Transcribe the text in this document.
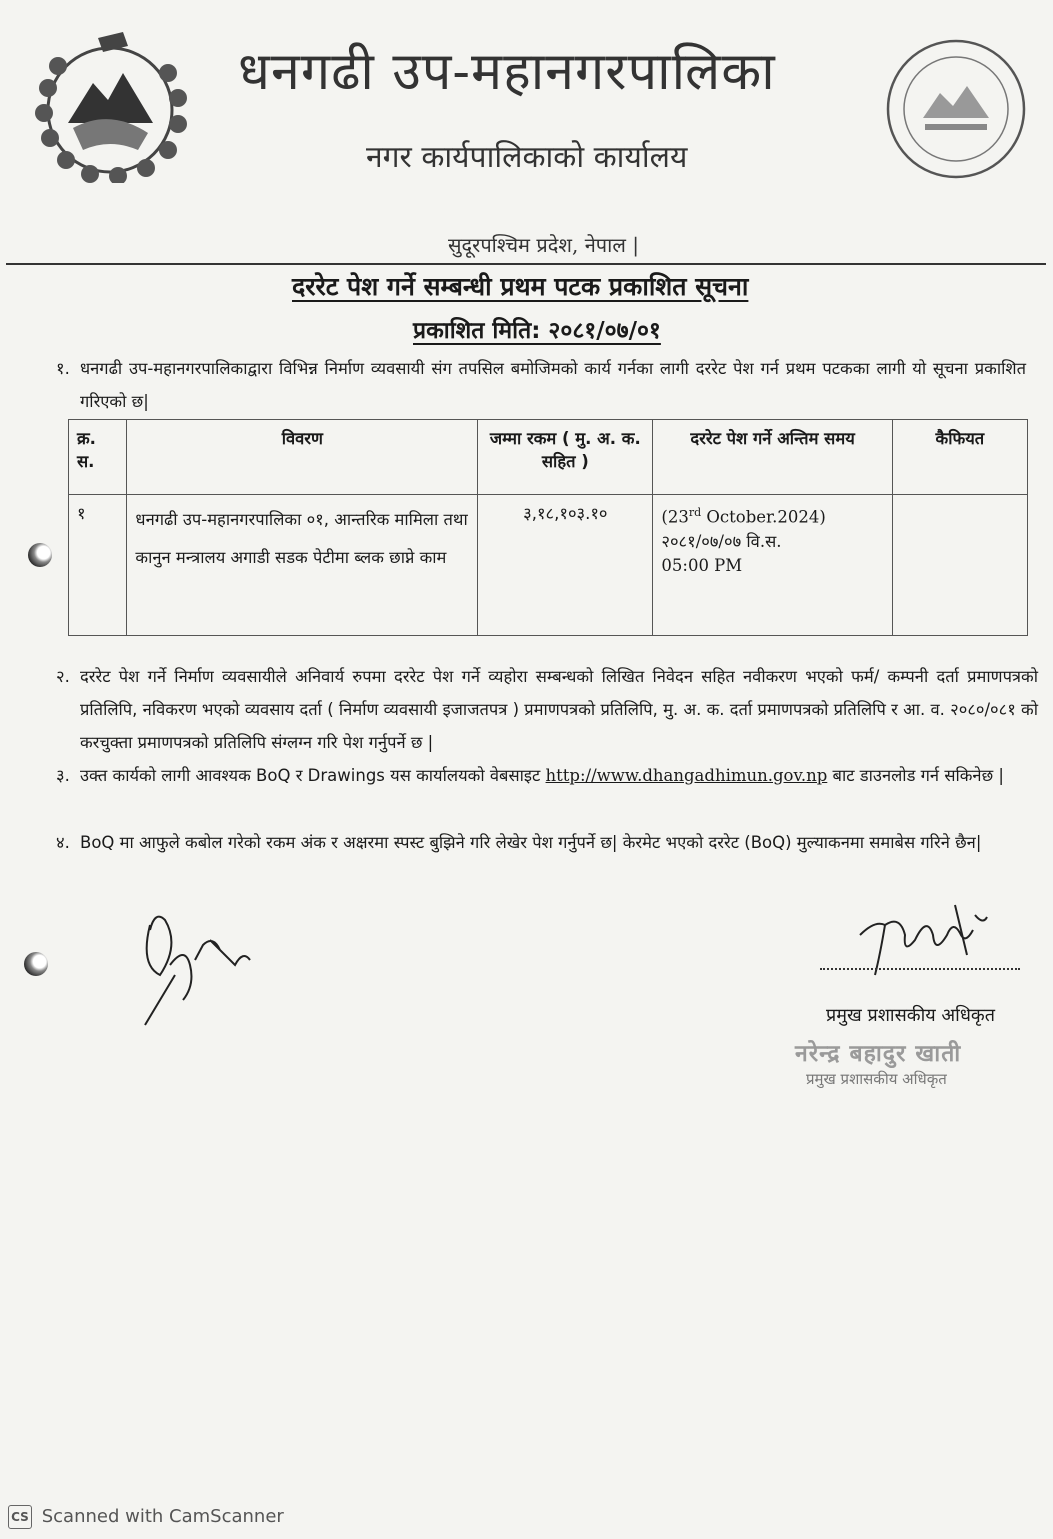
धनगढी उप-महानगरपालिका
नगर कार्यपालिकाको कार्यालय
सुदूरपश्चिम प्रदेश, नेपाल |
दररेट पेश गर्ने सम्बन्धी प्रथम पटक प्रकाशित सूचना
प्रकाशित मिति: २०८१/०७/०१
१. धनगढी उप-महानगरपालिकाद्वारा विभिन्न निर्माण व्यवसायी संग तपसिल बमोजिमको कार्य गर्नका लागी दररेट पेश गर्न प्रथम पटकका लागी यो सूचना प्रकाशित गरिएको छ|
क्र. स.	विवरण	जम्मा रकम ( मु. अ. क. सहित )	दररेट पेश गर्ने अन्तिम समय	कैफियत
१	धनगढी उप-महानगरपालिका ०१, आन्तरिक मामिला तथा कानुन मन्त्रालय अगाडी सडक पेटीमा ब्लक छाप्ने काम	३,१८,१०३.१०	(23rd October.2024)
२०८१/०७/०७ वि.स.
05:00 PM	
२. दररेट पेश गर्ने निर्माण व्यवसायीले अनिवार्य रुपमा दररेट पेश गर्ने व्यहोरा सम्बन्धको लिखित निवेदन सहित नवीकरण भएको फर्म/ कम्पनी दर्ता प्रमाणपत्रको प्रतिलिपि, नविकरण भएको व्यवसाय दर्ता ( निर्माण व्यवसायी इजाजतपत्र ) प्रमाणपत्रको प्रतिलिपि, मु. अ. क. दर्ता प्रमाणपत्रको प्रतिलिपि र आ. व. २०८०/०८१ को करचुक्ता प्रमाणपत्रको प्रतिलिपि संग्लग्न गरि पेश गर्नुपर्ने छ |
३. उक्त कार्यको लागी आवश्यक BoQ र Drawings यस कार्यालयको वेबसाइट http://www.dhangadhimun.gov.np बाट डाउनलोड गर्न सकिनेछ |
४. BoQ मा आफुले कबोल गरेको रकम अंक र अक्षरमा स्पस्ट बुझिने गरि लेखेर पेश गर्नुपर्ने छ| केरमेट भएको दररेट (BoQ) मुल्याकनमा समाबेस गरिने छैन|
प्रमुख प्रशासकीय अधिकृत
नरेन्द्र बहादुर खाती
प्रमुख प्रशासकीय अधिकृत
CS Scanned with CamScanner
